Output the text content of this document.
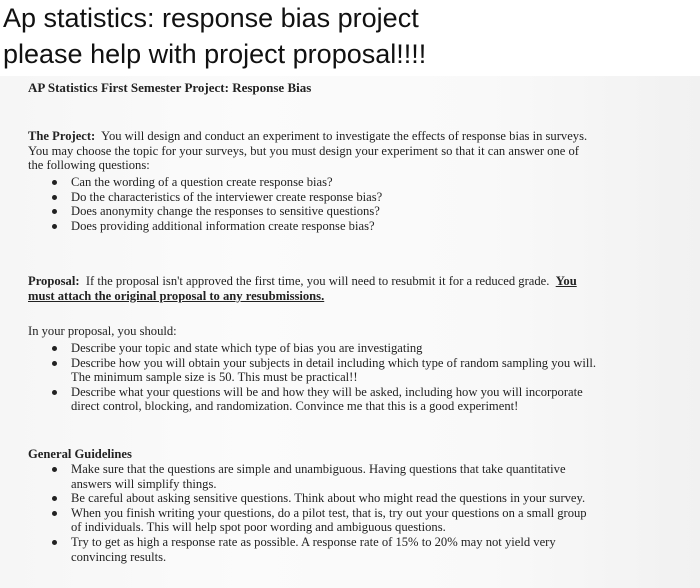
Ap statistics: response bias project
please help with project proposal!!!!
AP Statistics First Semester Project: Response Bias
The Project: You will design and conduct an experiment to investigate the effects of response bias in surveys.
You may choose the topic for your surveys, but you must design your experiment so that it can answer one of
the following questions:
Can the wording of a question create response bias?
Do the characteristics of the interviewer create response bias?
Does anonymity change the responses to sensitive questions?
Does providing additional information create response bias?
Proposal: If the proposal isn't approved the first time, you will need to resubmit it for a reduced grade. You
must attach the original proposal to any resubmissions.
In your proposal, you should:
Describe your topic and state which type of bias you are investigating
Describe how you will obtain your subjects in detail including which type of random sampling you will.
The minimum sample size is 50. This must be practical!!
Describe what your questions will be and how they will be asked, including how you will incorporate
direct control, blocking, and randomization. Convince me that this is a good experiment!
General Guidelines
Make sure that the questions are simple and unambiguous. Having questions that take quantitative
answers will simplify things.
Be careful about asking sensitive questions. Think about who might read the questions in your survey.
When you finish writing your questions, do a pilot test, that is, try out your questions on a small group
of individuals. This will help spot poor wording and ambiguous questions.
Try to get as high a response rate as possible. A response rate of 15% to 20% may not yield very
convincing results.
